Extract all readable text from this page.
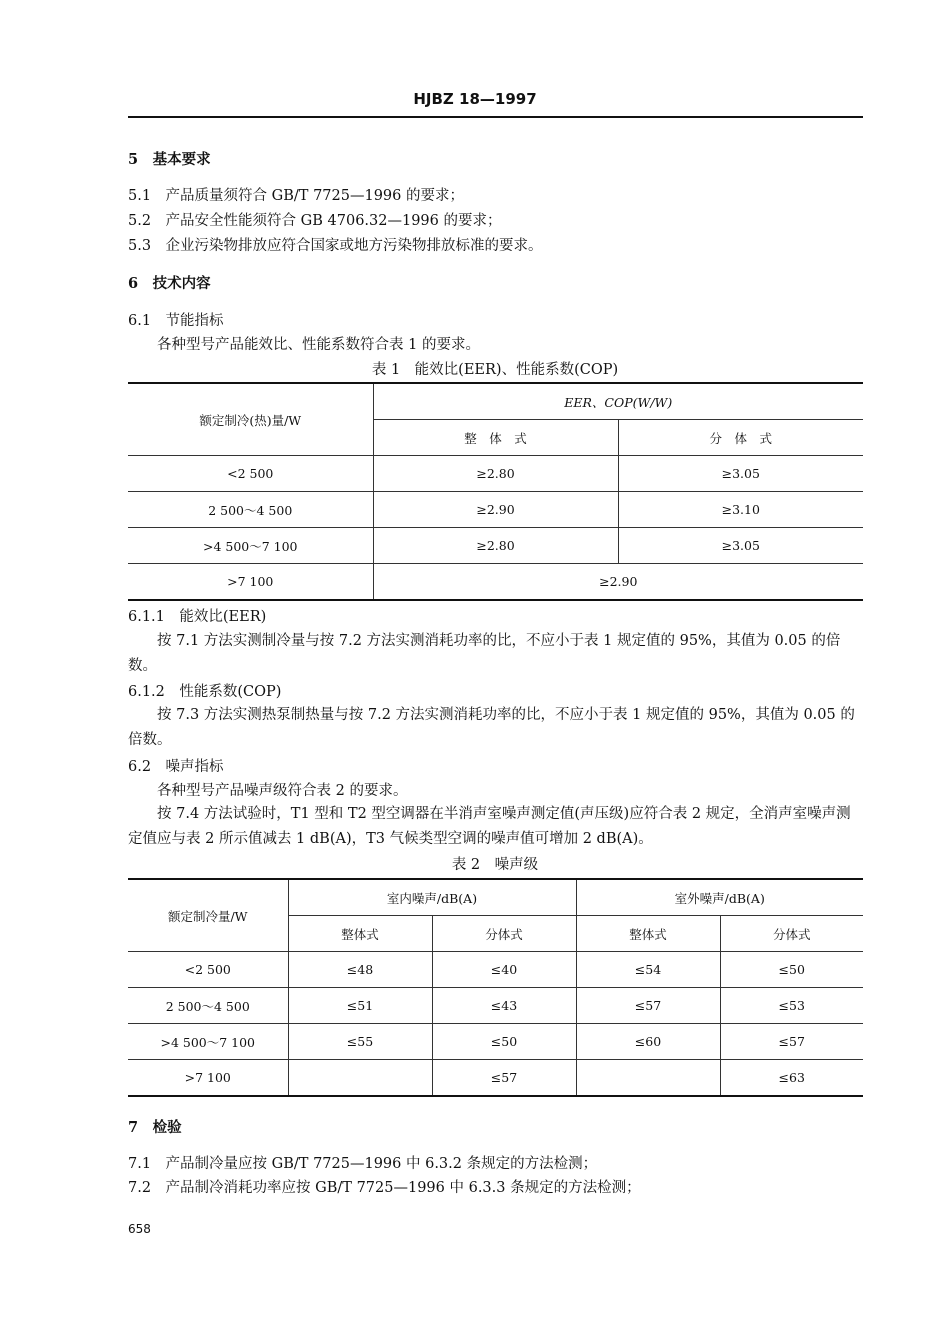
HJBZ 18—1997
5　基本要求
5.1　产品质量须符合 GB/T 7725—1996 的要求；
5.2　产品安全性能须符合 GB 4706.32—1996 的要求；
5.3　企业污染物排放应符合国家或地方污染物排放标准的要求。
6　技术内容
6.1　节能指标
各种型号产品能效比、性能系数符合表 1 的要求。
表 1　能效比(EER)、性能系数(COP)
额定制冷(热)量/W	EER、COP(W/W)	
	整　体　式	分　体　式
<2 500	≥2.80	≥3.05
2 500～4 500	≥2.90	≥3.10
>4 500～7 100	≥2.80	≥3.05
>7 100	≥2.90	
6.1.1　能效比(EER)
按 7.1 方法实测制冷量与按 7.2 方法实测消耗功率的比，不应小于表 1 规定值的 95%，其值为 0.05 的倍数。
6.1.2　性能系数(COP)
按 7.3 方法实测热泵制热量与按 7.2 方法实测消耗功率的比，不应小于表 1 规定值的 95%，其值为 0.05 的倍数。
6.2　噪声指标
各种型号产品噪声级符合表 2 的要求。
按 7.4 方法试验时，T1 型和 T2 型空调器在半消声室噪声测定值(声压级)应符合表 2 规定，全消声室噪声测定值应与表 2 所示值减去 1 dB(A)，T3 气候类型空调的噪声值可增加 2 dB(A)。
表 2　噪声级
额定制冷量/W	室内噪声/dB(A)		室外噪声/dB(A)	
	整体式	分体式	整体式	分体式
<2 500	≤48	≤40	≤54	≤50
2 500～4 500	≤51	≤43	≤57	≤53
>4 500～7 100	≤55	≤50	≤60	≤57
>7 100		≤57		≤63
7　检验
7.1　产品制冷量应按 GB/T 7725—1996 中 6.3.2 条规定的方法检测；
7.2　产品制冷消耗功率应按 GB/T 7725—1996 中 6.3.3 条规定的方法检测；
658
